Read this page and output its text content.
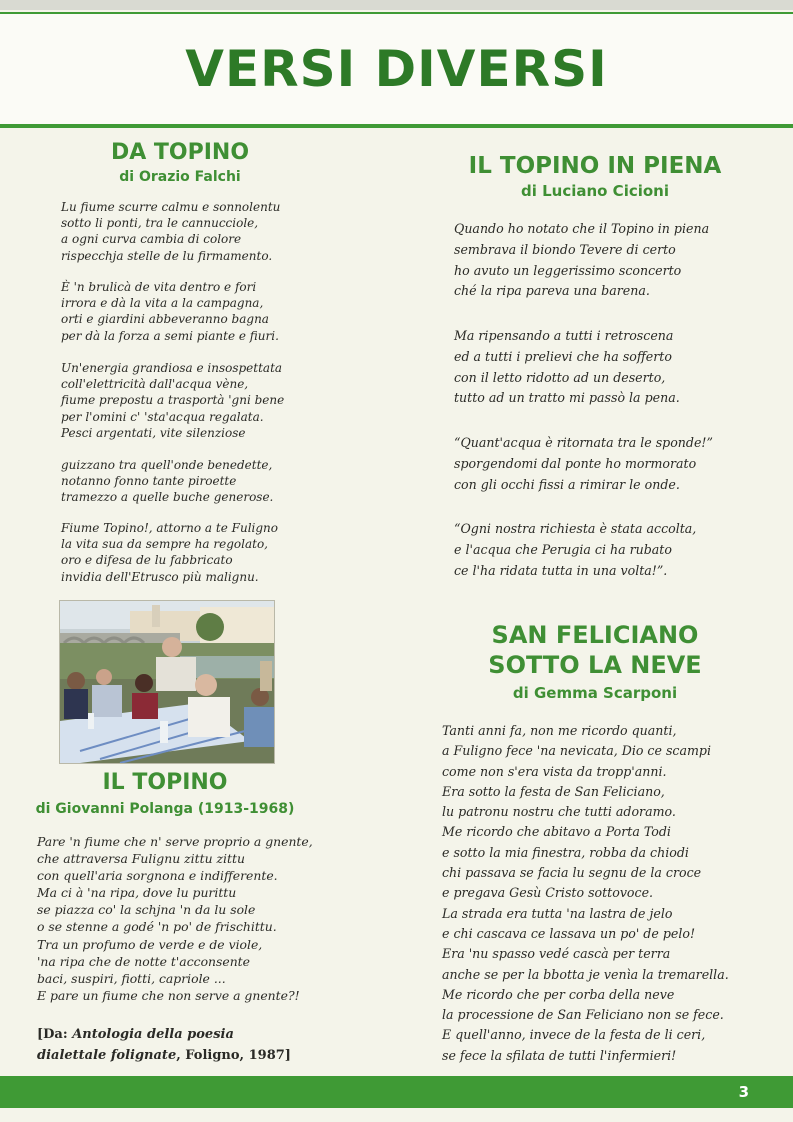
VERSI DIVERSI
DA TOPINO
di Orazio Falchi
Lu fiume scurre calmu e sonnolentu
sotto li ponti, tra le cannucciole,
a ogni curva cambia di colore
rispecchja stelle de lu firmamento.
È 'n brulicà de vita dentro e fori
irrora e dà la vita a la campagna,
orti e giardini abbeveranno bagna
per dà la forza a semi piante e fiuri.
Un'energia grandiosa e insospettata
coll'elettricità dall'acqua vène,
fiume prepostu a trasportà 'gni bene
per l'omini c' 'sta'acqua regalata.
Pesci argentati, vite silenziose
guizzano tra quell'onde benedette,
notanno fonno tante piroette
tramezzo a quelle buche generose.
Fiume Topino!, attorno a te Fuligno
la vita sua da sempre ha regolato,
oro e difesa de lu fabbricato
invidia dell'Etrusco più malignu.
IL TOPINO
di Giovanni Polanga (1913-1968)
Pare 'n fiume che n' serve proprio a gnente,
che attraversa Fulignu zittu zittu
con quell'aria sorgnona e indifferente.
Ma ci à 'na ripa, dove lu purittu
se piazza co' la schjna 'n da lu sole
o se stenne a godé 'n po' de frischittu.
Tra un profumo de verde e de viole,
'na ripa che de notte t'acconsente
baci, suspiri, fiotti, capriole ...
E pare un fiume che non serve a gnente?!
[Da: Antologia della poesia dialettale folignate, Foligno, 1987]
IL TOPINO IN PIENA
di Luciano Cicioni
Quando ho notato che il Topino in piena
sembrava il biondo Tevere di certo
ho avuto un leggerissimo sconcerto
ché la ripa pareva una barena.
Ma ripensando a tutti i retroscena
ed a tutti i prelievi che ha sofferto
con il letto ridotto ad un deserto,
tutto ad un tratto mi passò la pena.
“Quant'acqua è ritornata tra le sponde!”
sporgendomi dal ponte ho mormorato
con gli occhi fissi a rimirar le onde.
“Ogni nostra richiesta è stata accolta,
e l'acqua che Perugia ci ha rubato
ce l'ha ridata tutta in una volta!”.
SAN FELICIANO
SOTTO LA NEVE
di Gemma Scarponi
Tanti anni fa, non me ricordo quanti,
a Fuligno fece 'na nevicata, Dio ce scampi
come non s'era vista da tropp'anni.
Era sotto la festa de San Feliciano,
lu patronu nostru che tutti adoramo.
Me ricordo che abitavo a Porta Todi
e sotto la mia finestra, robba da chiodi
chi passava se facia lu segnu de la croce
e pregava Gesù Cristo sottovoce.
La strada era tutta 'na lastra de jelo
e chi cascava ce lassava un po' de pelo!
Era 'nu spasso vedé cascà per terra
anche se per la bbotta je venìa la tremarella.
Me ricordo che per corba della neve
la processione de San Feliciano non se fece.
E quell'anno, invece de la festa de li ceri,
se fece la sfilata de tutti l'infermieri!
3
